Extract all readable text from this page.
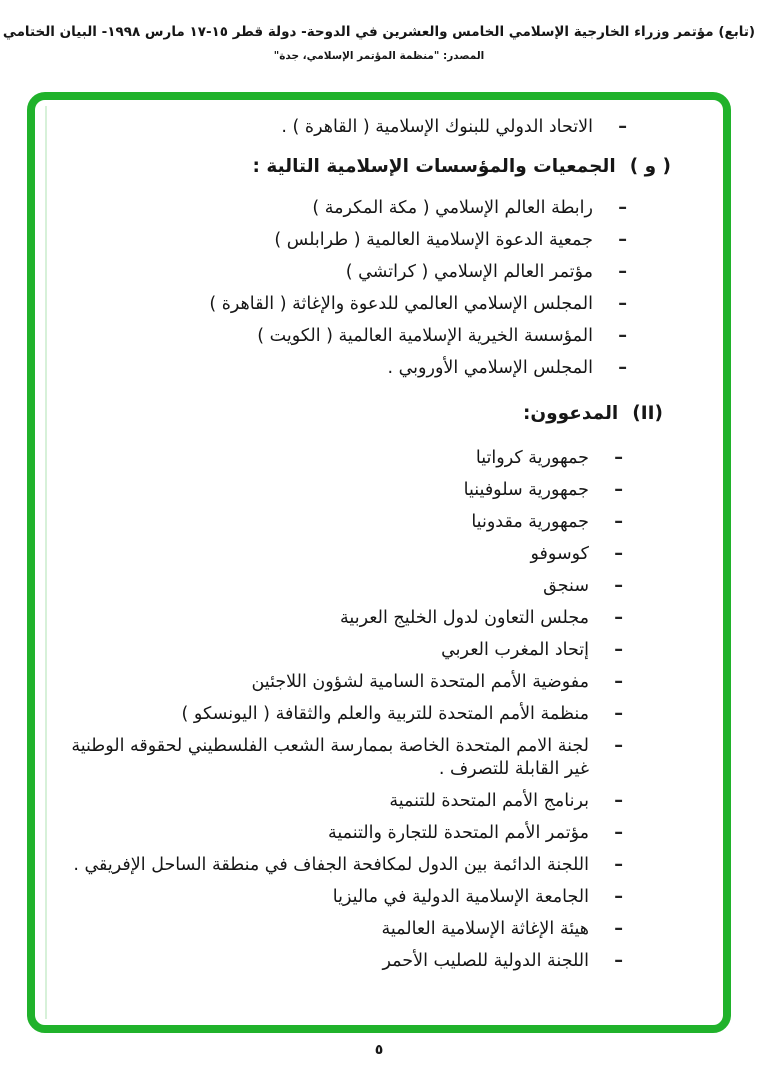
(تابع) مؤتمر وزراء الخارجية الإسلامي الخامس والعشرين في الدوحة- دولة قطر ١٥-١٧ مارس ١٩٩٨- البيان الختامي
المصدر: "منظمة المؤتمر الإسلامي، جدة"
–
الاتحاد الدولي للبنوك الإسلامية ( القاهرة ) .
( و )
الجمعيات والمؤسسات الإسلامية التالية :
–
رابطة العالم الإسلامي ( مكة المكرمة )
–
جمعية الدعوة الإسلامية العالمية ( طرابلس )
–
مؤتمر العالم الإسلامي ( كراتشي )
–
المجلس الإسلامي العالمي للدعوة والإغاثة ( القاهرة )
–
المؤسسة الخيرية الإسلامية العالمية ( الكويت )
–
المجلس الإسلامي الأوروبي .
(II)
المدعوون:
–
جمهورية كرواتيا
–
جمهورية سلوفينيا
–
جمهورية مقدونيا
–
كوسوفو
–
سنجق
–
مجلس التعاون لدول الخليج العربية
–
إتحاد المغرب العربي
–
مفوضية الأمم المتحدة السامية لشؤون اللاجئين
–
منظمة الأمم المتحدة للتربية والعلم والثقافة ( اليونسكو )
–
لجنة الامم المتحدة الخاصة بممارسة الشعب الفلسطيني لحقوقه الوطنية غير القابلة للتصرف .
–
برنامج الأمم المتحدة للتنمية
–
مؤتمر الأمم المتحدة للتجارة والتنمية
–
اللجنة الدائمة بين الدول لمكافحة الجفاف في منطقة الساحل الإفريقي .
–
الجامعة الإسلامية الدولية في ماليزيا
–
هيئة الإغاثة الإسلامية العالمية
–
اللجنة الدولية للصليب الأحمر
٥
